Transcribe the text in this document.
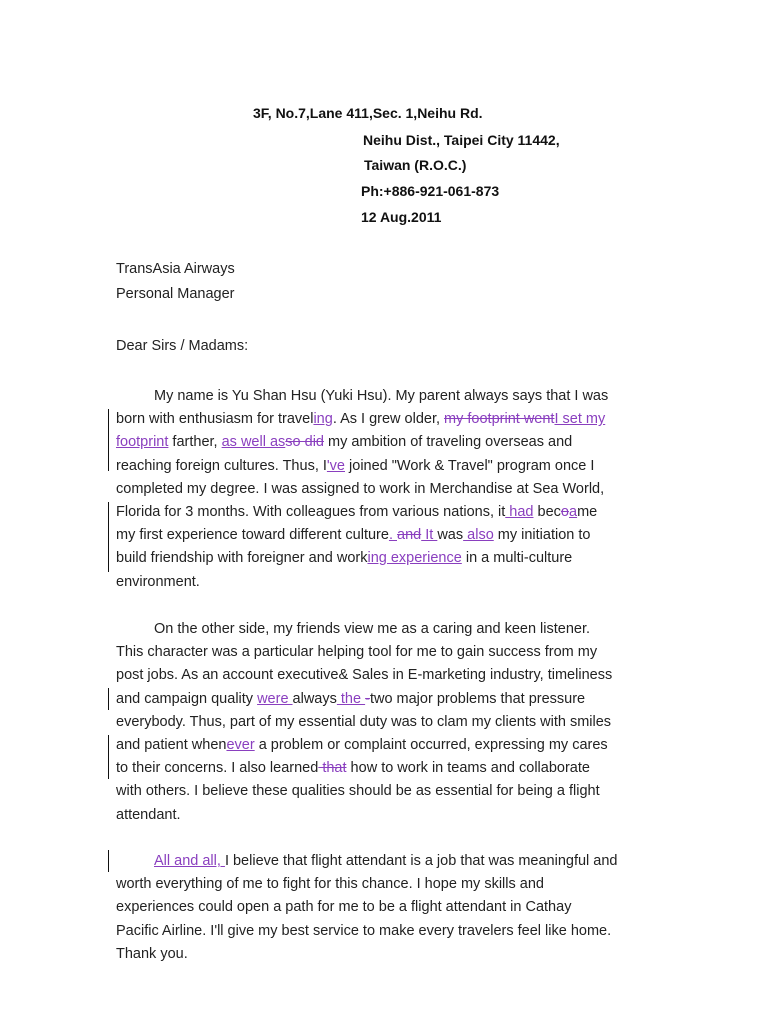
3F, No.7,Lane 411,Sec. 1,Neihu Rd.
Neihu Dist., Taipei City 11442,
Taiwan (R.O.C.)
Ph:+886-921-061-873
12 Aug.2011
TransAsia Airways
Personal Manager
Dear Sirs / Madams:
My name is Yu Shan Hsu (Yuki Hsu). My parent always says that I was
born with enthusiasm for traveling. As I grew older, my footprint wentI set my
footprint farther, as well asso did my ambition of traveling overseas and
reaching foreign cultures. Thus, I've joined "Work & Travel" program once I
completed my degree. I was assigned to work in Merchandise at Sea World,
Florida for 3 months. With colleagues from various nations, it had becoame
my first experience toward different culture. and It was also my initiation to
build friendship with foreigner and working experience in a multi-culture
environment.
On the other side, my friends view me as a caring and keen listener.
This character was a particular helping tool for me to gain success from my
post jobs. As an account executive& Sales in E-marketing industry, timeliness
and campaign quality were always the -two major problems that pressure
everybody. Thus, part of my essential duty was to clam my clients with smiles
and patient whenever a problem or complaint occurred, expressing my cares
to their concerns. I also learned that how to work in teams and collaborate
with others. I believe these qualities should be as essential for being a flight
attendant.
All and all, I believe that flight attendant is a job that was meaningful and
worth everything of me to fight for this chance. I hope my skills and
experiences could open a path for me to be a flight attendant in Cathay
Pacific Airline. I'll give my best service to make every travelers feel like home.
Thank you.
